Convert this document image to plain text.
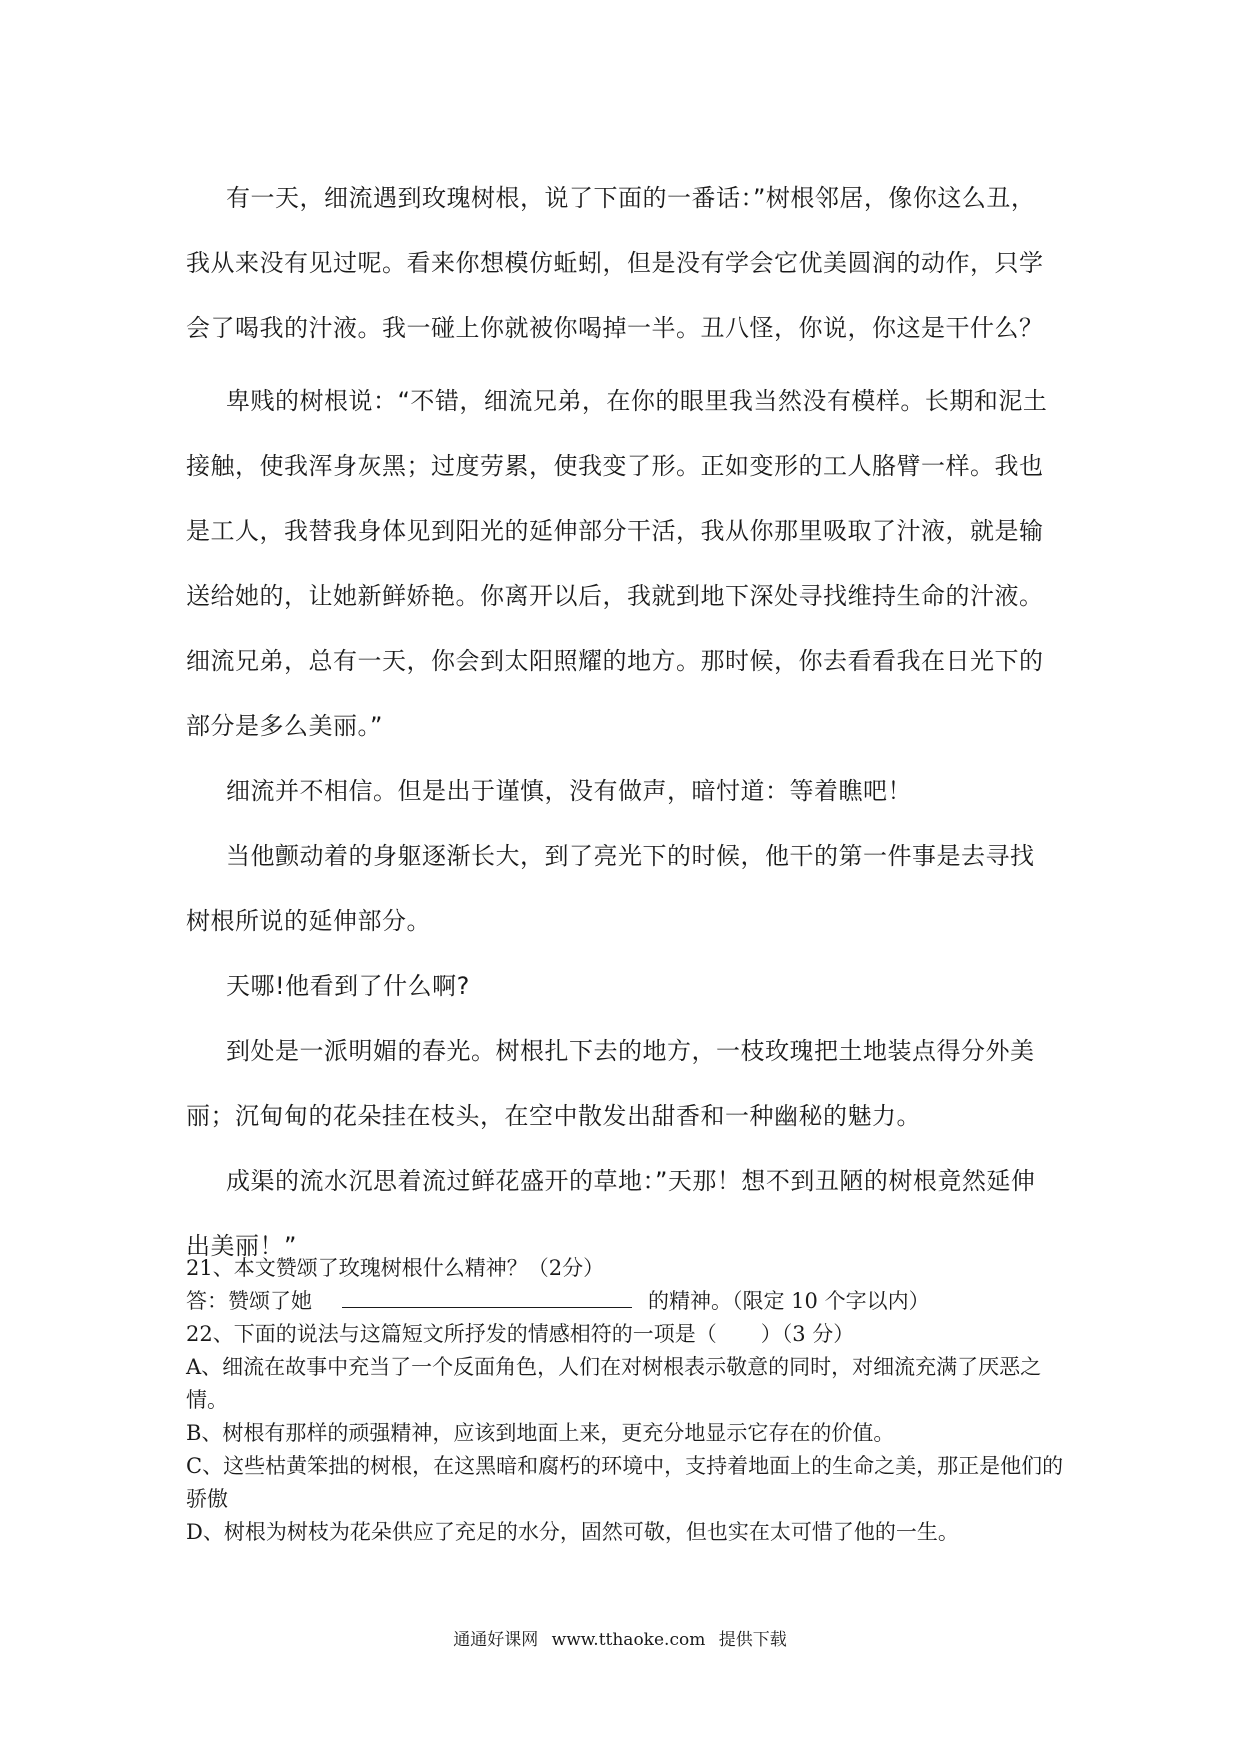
有一天，细流遇到玫瑰树根，说了下面的一番话：”树根邻居，像你这么丑，我从来没有见过呢。看来你想模仿蚯蚓，但是没有学会它优美圆润的动作，只学会了喝我的汁液。我一碰上你就被你喝掉一半。丑八怪，你说，你这是干什么？

卑贱的树根说：“不错，细流兄弟，在你的眼里我当然没有模样。长期和泥土接触，使我浑身灰黑；过度劳累，使我变了形。正如变形的工人胳臂一样。我也是工人，我替我身体见到阳光的延伸部分干活，我从你那里吸取了汁液，就是输送给她的，让她新鲜娇艳。你离开以后，我就到地下深处寻找维持生命的汁液。细流兄弟，总有一天，你会到太阳照耀的地方。那时候，你去看看我在日光下的部分是多么美丽。”

细流并不相信。但是出于谨慎，没有做声，暗忖道：等着瞧吧！

当他颤动着的身躯逐渐长大，到了亮光下的时候，他干的第一件事是去寻找树根所说的延伸部分。

天哪!他看到了什么啊?

到处是一派明媚的春光。树根扎下去的地方，一枝玫瑰把土地装点得分外美丽；沉甸甸的花朵挂在枝头，在空中散发出甜香和一种幽秘的魅力。

成渠的流水沉思着流过鲜花盛开的草地：”天那！想不到丑陋的树根竟然延伸出美丽！”

21、本文赞颂了玫瑰树根什么精神？（2分）

答：赞颂了她	的精神。（限定 10 个字以内）

22、下面的说法与这篇短文所抒发的情感相符的一项是（ ）（3 分）

A、细流在故事中充当了一个反面角色，人们在对树根表示敬意的同时，对细流充满了厌恶之情。

B、树根有那样的顽强精神，应该到地面上来，更充分地显示它存在的价值。

C、这些枯黄笨拙的树根，在这黑暗和腐朽的环境中，支持着地面上的生命之美，那正是他们的骄傲

D、树根为树枝为花朵供应了充足的水分，固然可敬，但也实在太可惜了他的一生。

通通好课网 www.tthaoke.com 提供下载
